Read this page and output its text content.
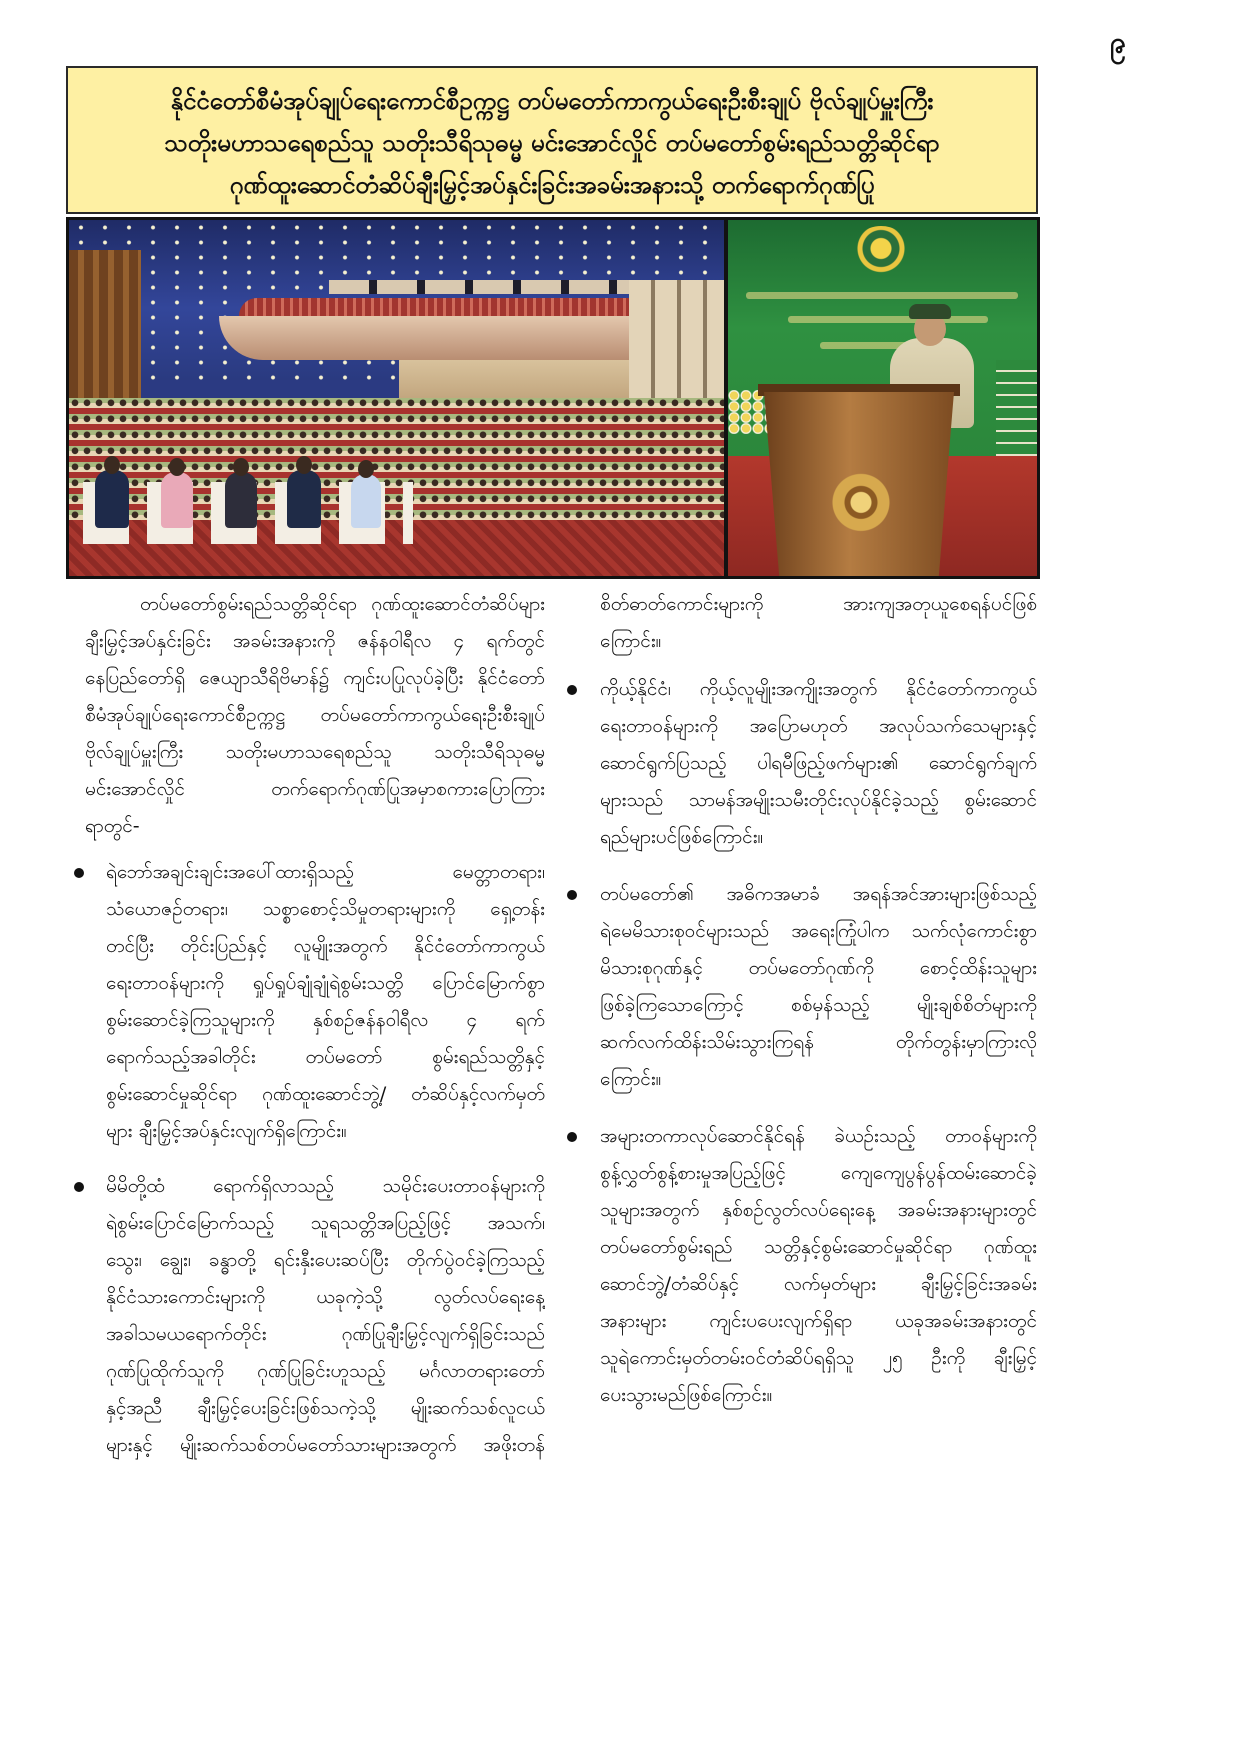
၉
နိုင်ငံတော်စီမံအုပ်ချုပ်ရေးကောင်စီဥက္ကဋ္ဌ တပ်မတော်ကာကွယ်ရေးဦးစီးချုပ် ဗိုလ်ချုပ်မှူးကြီး
သတိုးမဟာသရေစည်သူ သတိုးသီရိသုဓမ္မ မင်းအောင်လှိုင် တပ်မတော်စွမ်းရည်သတ္တိဆိုင်ရာ
ဂုဏ်ထူးဆောင်တံဆိပ်ချီးမြှင့်အပ်နှင်းခြင်းအခမ်းအနားသို့ တက်ရောက်ဂုဏ်ပြု
တပ်မတော်စွမ်းရည်သတ္တိဆိုင်ရာ ဂုဏ်ထူးဆောင်တံဆိပ်များ
ချီးမြှင့်အပ်နှင်းခြင်း အခမ်းအနားကို ဇန်နဝါရီလ ၄ ရက်တွင်
နေပြည်တော်ရှိ ဇေယျာသီရိဗိမာန်၌ ကျင်းပပြုလုပ်ခဲ့ပြီး နိုင်ငံတော်
စီမံအုပ်ချုပ်ရေးကောင်စီဥက္ကဋ္ဌ တပ်မတော်ကာကွယ်ရေးဦးစီးချုပ်
ဗိုလ်ချုပ်မှူးကြီး သတိုးမဟာသရေစည်သူ သတိုးသီရိသုဓမ္မ
မင်းအောင်လှိုင် တက်ရောက်ဂုဏ်ပြုအမှာစကားပြောကြား
ရာတွင်-
ရဲဘော်အချင်းချင်းအပေါ်ထားရှိသည့် မေတ္တာတရား၊
သံယောဇဉ်တရား၊ သစ္စာစောင့်သိမှုတရားများကို ရှေ့တန်း
တင်ပြီး တိုင်းပြည်နှင့် လူမျိုးအတွက် နိုင်ငံတော်ကာကွယ်
ရေးတာဝန်များကို ရှုပ်ရှုပ်ချုံချုံရဲစွမ်းသတ္တိ ပြောင်မြောက်စွာ
စွမ်းဆောင်ခဲ့ကြသူများကို နှစ်စဉ်ဇန်နဝါရီလ ၄ ရက်
ရောက်သည့်အခါတိုင်း တပ်မတော် စွမ်းရည်သတ္တိနှင့်
စွမ်းဆောင်မှုဆိုင်ရာ ဂုဏ်ထူးဆောင်ဘွဲ့/ တံဆိပ်နှင့်လက်မှတ်
များ ချီးမြှင့်အပ်နှင်းလျက်ရှိကြောင်း။
မိမိတို့ထံ ရောက်ရှိလာသည့် သမိုင်းပေးတာဝန်များကို
ရဲစွမ်းပြောင်မြောက်သည့် သူရသတ္တိအပြည့်ဖြင့် အသက်၊
သွေး၊ ချွေး၊ ခန္ဓာတို့ ရင်းနှီးပေးဆပ်ပြီး တိုက်ပွဲဝင်ခဲ့ကြသည့်
နိုင်ငံသားကောင်းများကို ယခုကဲ့သို့ လွတ်လပ်ရေးနေ့
အခါသမယရောက်တိုင်း ဂုဏ်ပြုချီးမြှင့်လျက်ရှိခြင်းသည်
ဂုဏ်ပြုထိုက်သူကို ဂုဏ်ပြုခြင်းဟူသည့် မင်္ဂလာတရားတော်
နှင့်အညီ ချီးမြှင့်ပေးခြင်းဖြစ်သကဲ့သို့ မျိုးဆက်သစ်လူငယ်
များနှင့် မျိုးဆက်သစ်တပ်မတော်သားများအတွက် အဖိုးတန်
စိတ်ဓာတ်ကောင်းများကို အားကျအတုယူစေရန်ပင်ဖြစ်
ကြောင်း။
ကိုယ့်နိုင်ငံ၊ ကိုယ့်လူမျိုးအကျိုးအတွက် နိုင်ငံတော်ကာကွယ်
ရေးတာဝန်များကို အပြောမဟုတ် အလုပ်သက်သေများနှင့်
ဆောင်ရွက်ပြသည့် ပါရမီဖြည့်ဖက်များ၏ ဆောင်ရွက်ချက်
များသည် သာမန်အမျိုးသမီးတိုင်းလုပ်နိုင်ခဲ့သည့် စွမ်းဆောင်
ရည်များပင်ဖြစ်ကြောင်း။
တပ်မတော်၏ အဓိကအမာခံ အရန်အင်အားများဖြစ်သည့်
ရဲမေမိသားစုဝင်များသည် အရေးကြုံပါက သက်လုံကောင်းစွာ
မိသားစုဂုဏ်နှင့် တပ်မတော်ဂုဏ်ကို စောင့်ထိန်းသူများ
ဖြစ်ခဲ့ကြသောကြောင့် စစ်မှန်သည့် မျိုးချစ်စိတ်များကို
ဆက်လက်ထိန်းသိမ်းသွားကြရန် တိုက်တွန်းမှာကြားလို
ကြောင်း။
အများတကာလုပ်ဆောင်နိုင်ရန် ခဲယဉ်းသည့် တာဝန်များကို
စွန့်လွှတ်စွန့်စားမှုအပြည့်ဖြင့် ကျေကျေပွန်ပွန်ထမ်းဆောင်ခဲ့
သူများအတွက် နှစ်စဉ်လွတ်လပ်ရေးနေ့ အခမ်းအနားများတွင်
တပ်မတော်စွမ်းရည် သတ္တိနှင့်စွမ်းဆောင်မှုဆိုင်ရာ ဂုဏ်ထူး
ဆောင်ဘွဲ့/တံဆိပ်နှင့် လက်မှတ်များ ချီးမြှင့်ခြင်းအခမ်း
အနားများ ကျင်းပပေးလျက်ရှိရာ ယခုအခမ်းအနားတွင်
သူရဲကောင်းမှတ်တမ်းဝင်တံဆိပ်ရရှိသူ ၂၅ ဦးကို ချီးမြှင့်
ပေးသွားမည်ဖြစ်ကြောင်း။
